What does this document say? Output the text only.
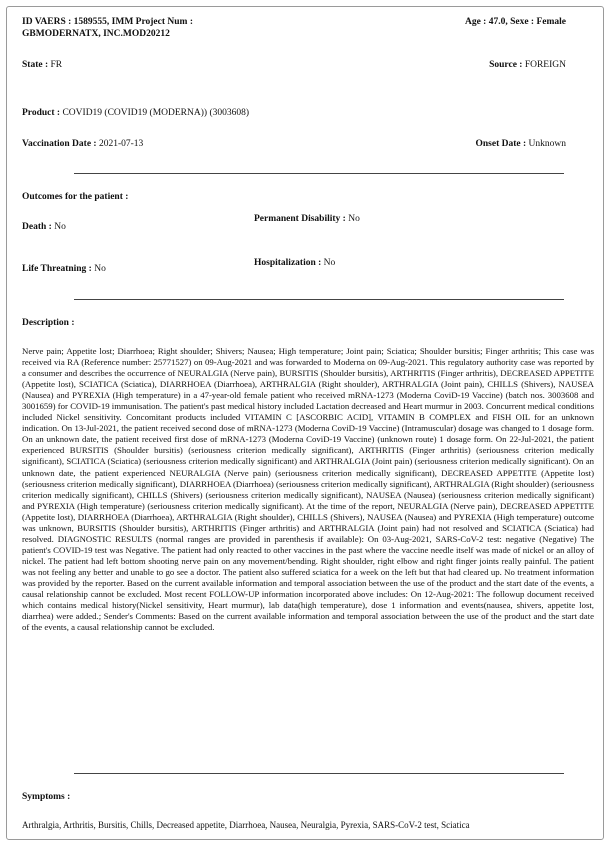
ID VAERS : 1589555, IMM Project Num :
GBMODERNATX, INC.MOD20212
Age : 47.0, Sexe : Female
State : FR	Source : FOREIGN
Product : COVID19 (COVID19 (MODERNA)) (3003608)
Vaccination Date : 2021-07-13	Onset Date : Unknown
Outcomes for the patient :
Death : No
Permanent Disability : No
Life Threatning : No
Hospitalization : No
Description :
Nerve pain; Appetite lost; Diarrhoea; Right shoulder; Shivers; Nausea; High temperature; Joint pain; Sciatica; Shoulder bursitis; Finger arthritis; This case was received via RA (Reference number: 25771527) on 09-Aug-2021 and was forwarded to Moderna on 09-Aug-2021. This regulatory authority case was reported by a consumer and describes the occurrence of NEURALGIA (Nerve pain), BURSITIS (Shoulder bursitis), ARTHRITIS (Finger arthritis), DECREASED APPETITE (Appetite lost), SCIATICA (Sciatica), DIARRHOEA (Diarrhoea), ARTHRALGIA (Right shoulder), ARTHRALGIA (Joint pain), CHILLS (Shivers), NAUSEA (Nausea) and PYREXIA (High temperature) in a 47-year-old female patient who received mRNA-1273 (Moderna CoviD-19 Vaccine) (batch nos. 3003608 and 3001659) for COVID-19 immunisation. The patient's past medical history included Lactation decreased and Heart murmur in 2003. Concurrent medical conditions included Nickel sensitivity. Concomitant products included VITAMIN C [ASCORBIC ACID], VITAMIN B COMPLEX and FISH OIL for an unknown indication. On 13-Jul-2021, the patient received second dose of mRNA-1273 (Moderna CoviD-19 Vaccine) (Intramuscular) dosage was changed to 1 dosage form. On an unknown date, the patient received first dose of mRNA-1273 (Moderna CoviD-19 Vaccine) (unknown route) 1 dosage form. On 22-Jul-2021, the patient experienced BURSITIS (Shoulder bursitis) (seriousness criterion medically significant), ARTHRITIS (Finger arthritis) (seriousness criterion medically significant), SCIATICA (Sciatica) (seriousness criterion medically significant) and ARTHRALGIA (Joint pain) (seriousness criterion medically significant). On an unknown date, the patient experienced NEURALGIA (Nerve pain) (seriousness criterion medically significant), DECREASED APPETITE (Appetite lost) (seriousness criterion medically significant), DIARRHOEA (Diarrhoea) (seriousness criterion medically significant), ARTHRALGIA (Right shoulder) (seriousness criterion medically significant), CHILLS (Shivers) (seriousness criterion medically significant), NAUSEA (Nausea) (seriousness criterion medically significant) and PYREXIA (High temperature) (seriousness criterion medically significant). At the time of the report, NEURALGIA (Nerve pain), DECREASED APPETITE (Appetite lost), DIARRHOEA (Diarrhoea), ARTHRALGIA (Right shoulder), CHILLS (Shivers), NAUSEA (Nausea) and PYREXIA (High temperature) outcome was unknown, BURSITIS (Shoulder bursitis), ARTHRITIS (Finger arthritis) and ARTHRALGIA (Joint pain) had not resolved and SCIATICA (Sciatica) had resolved. DIAGNOSTIC RESULTS (normal ranges are provided in parenthesis if available): On 03-Aug-2021, SARS-CoV-2 test: negative (Negative) The patient's COVID-19 test was Negative. The patient had only reacted to other vaccines in the past where the vaccine needle itself was made of nickel or an alloy of nickel. The patient had left bottom shooting nerve pain on any movement/bending. Right shoulder, right elbow and right finger joints really painful. The patient was not feeling any better and unable to go see a doctor. The patient also suffered sciatica for a week on the left but that had cleared up. No treatment information was provided by the reporter. Based on the current available information and temporal association between the use of the product and the start date of the events, a causal relationship cannot be excluded. Most recent FOLLOW-UP information incorporated above includes: On 12-Aug-2021: The followup document received which contains medical history(Nickel sensitivity, Heart murmur), lab data(high temperature), dose 1 information and events(nausea, shivers, appetite lost, diarrhea) were added.; Sender's Comments: Based on the current available information and temporal association between the use of the product and the start date of the events, a causal relationship cannot be excluded.
Symptoms :
Arthralgia, Arthritis, Bursitis, Chills, Decreased appetite, Diarrhoea, Nausea, Neuralgia, Pyrexia, SARS-CoV-2 test, Sciatica
